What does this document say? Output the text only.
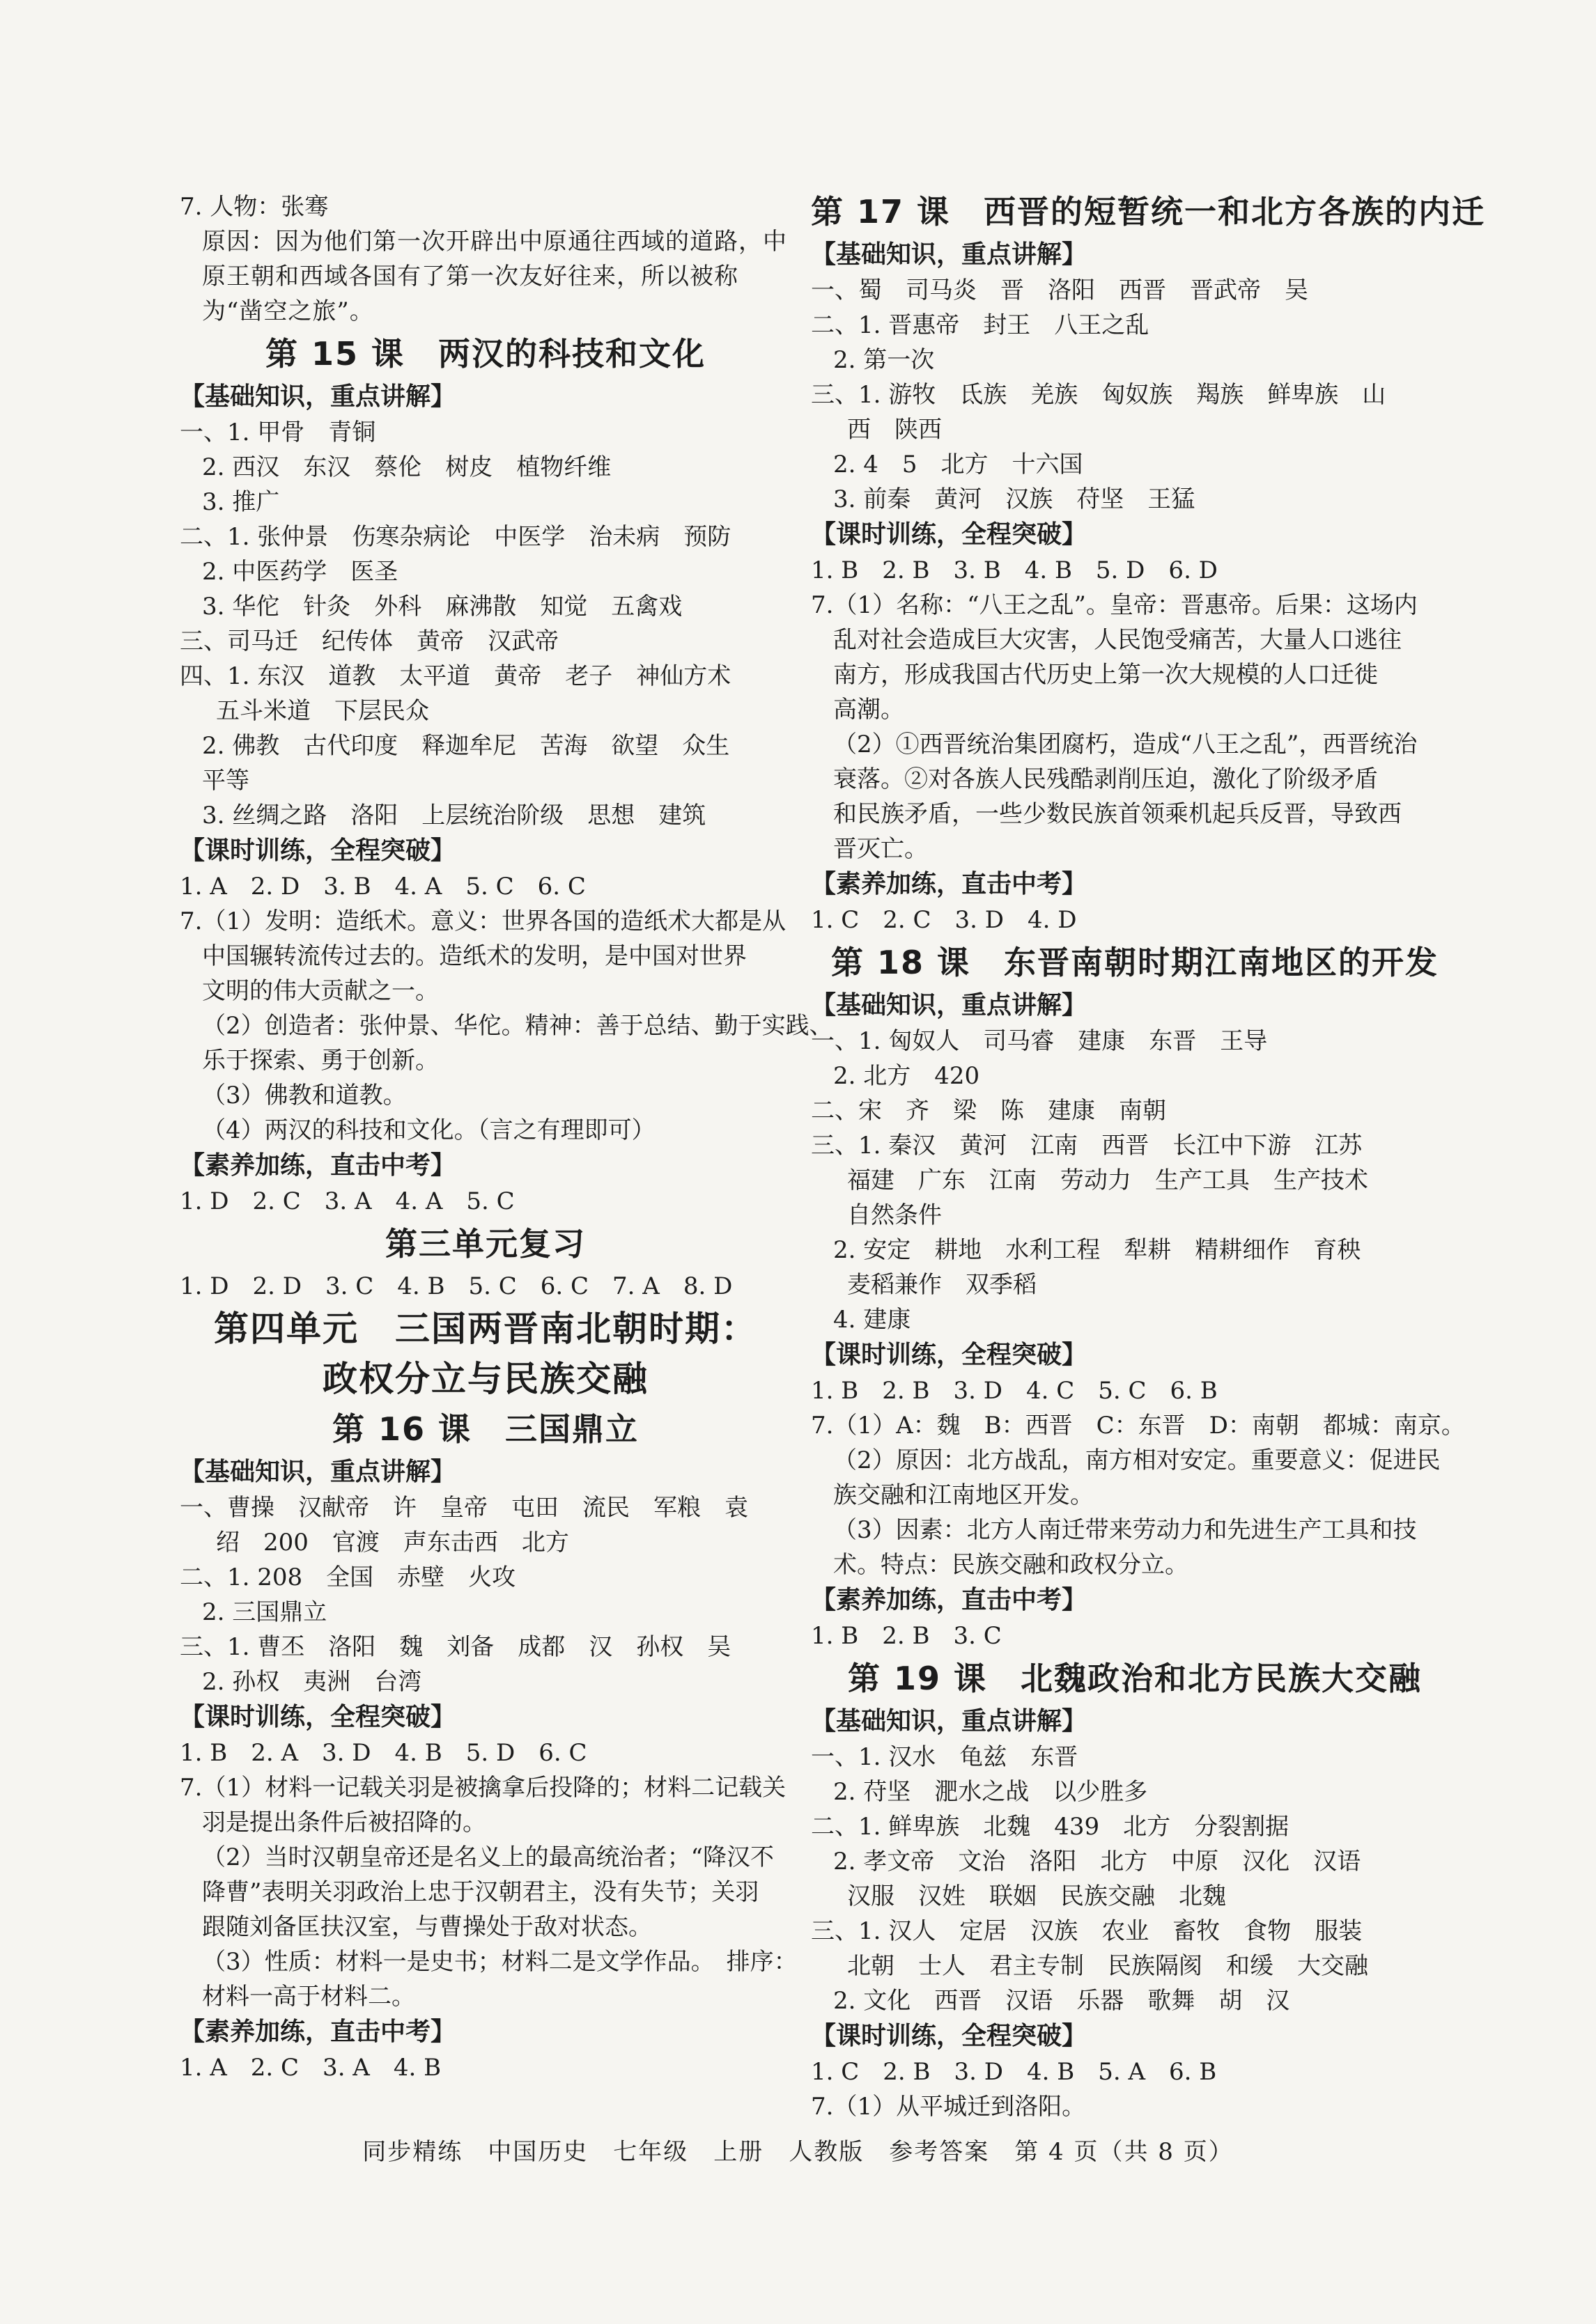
7. 人物：张骞
原因：因为他们第一次开辟出中原通往西域的道路，中原王朝和西域各国有了第一次友好往来，所以被称为“凿空之旅”。
第 15 课　两汉的科技和文化
【基础知识，重点讲解】
一、1. 甲骨　青铜
2. 西汉　东汉　蔡伦　树皮　植物纤维
3. 推广
二、1. 张仲景　伤寒杂病论　中医学　治未病　预防
2. 中医药学　医圣
3. 华佗　针灸　外科　麻沸散　知觉　五禽戏
三、司马迁　纪传体　黄帝　汉武帝
四、1. 东汉　道教　太平道　黄帝　老子　神仙方术
五斗米道　下层民众
2. 佛教　古代印度　释迦牟尼　苦海　欲望　众生
平等
3. 丝绸之路　洛阳　上层统治阶级　思想　建筑
【课时训练，全程突破】
1. A　2. D　3. B　4. A　5. C　6. C
7.（1）发明：造纸术。意义：世界各国的造纸术大都是从
中国辗转流传过去的。造纸术的发明，是中国对世界
文明的伟大贡献之一。
（2）创造者：张仲景、华佗。精神：善于总结、勤于实践、
乐于探索、勇于创新。
（3）佛教和道教。
（4）两汉的科技和文化。（言之有理即可）
【素养加练，直击中考】
1. D　2. C　3. A　4. A　5. C
第三单元复习
1. D　2. D　3. C　4. B　5. C　6. C　7. A　8. D
第四单元　三国两晋南北朝时期：
政权分立与民族交融
第 16 课　三国鼎立
【基础知识，重点讲解】
一、曹操　汉献帝　许　皇帝　屯田　流民　军粮　袁
绍　200　官渡　声东击西　北方
二、1. 208　全国　赤壁　火攻
2. 三国鼎立
三、1. 曹丕　洛阳　魏　刘备　成都　汉　孙权　吴
2. 孙权　夷洲　台湾
【课时训练，全程突破】
1. B　2. A　3. D　4. B　5. D　6. C
7.（1）材料一记载关羽是被擒拿后投降的；材料二记载关
羽是提出条件后被招降的。
（2）当时汉朝皇帝还是名义上的最高统治者；“降汉不
降曹”表明关羽政治上忠于汉朝君主，没有失节；关羽
跟随刘备匡扶汉室，与曹操处于敌对状态。
（3）性质：材料一是史书；材料二是文学作品。　排序：
材料一高于材料二。
【素养加练，直击中考】
1. A　2. C　3. A　4. B
第 17 课　西晋的短暂统一和北方各族的内迁
【基础知识，重点讲解】
一、蜀　司马炎　晋　洛阳　西晋　晋武帝　吴
二、1. 晋惠帝　封王　八王之乱
2. 第一次
三、1. 游牧　氐族　羌族　匈奴族　羯族　鲜卑族　山
西　陕西
2. 4　5　北方　十六国
3. 前秦　黄河　汉族　苻坚　王猛
【课时训练，全程突破】
1. B　2. B　3. B　4. B　5. D　6. D
7.（1）名称：“八王之乱”。皇帝：晋惠帝。后果：这场内
乱对社会造成巨大灾害，人民饱受痛苦，大量人口逃往
南方，形成我国古代历史上第一次大规模的人口迁徙
高潮。
（2）①西晋统治集团腐朽，造成“八王之乱”，西晋统治
衰落。②对各族人民残酷剥削压迫，激化了阶级矛盾
和民族矛盾，一些少数民族首领乘机起兵反晋，导致西
晋灭亡。
【素养加练，直击中考】
1. C　2. C　3. D　4. D
第 18 课　东晋南朝时期江南地区的开发
【基础知识，重点讲解】
一、1. 匈奴人　司马睿　建康　东晋　王导
2. 北方　420
二、宋　齐　梁　陈　建康　南朝
三、1. 秦汉　黄河　江南　西晋　长江中下游　江苏
福建　广东　江南　劳动力　生产工具　生产技术
自然条件
2. 安定　耕地　水利工程　犁耕　精耕细作　育秧
麦稻兼作　双季稻
4. 建康
【课时训练，全程突破】
1. B　2. B　3. D　4. C　5. C　6. B
7.（1）A：魏　B：西晋　C：东晋　D：南朝　都城：南京。
（2）原因：北方战乱，南方相对安定。重要意义：促进民
族交融和江南地区开发。
（3）因素：北方人南迁带来劳动力和先进生产工具和技
术。特点：民族交融和政权分立。
【素养加练，直击中考】
1. B　2. B　3. C
第 19 课　北魏政治和北方民族大交融
【基础知识，重点讲解】
一、1. 汉水　龟兹　东晋
2. 苻坚　淝水之战　以少胜多
二、1. 鲜卑族　北魏　439　北方　分裂割据
2. 孝文帝　文治　洛阳　北方　中原　汉化　汉语
汉服　汉姓　联姻　民族交融　北魏
三、1. 汉人　定居　汉族　农业　畜牧　食物　服装
北朝　士人　君主专制　民族隔阂　和缓　大交融
2. 文化　西晋　汉语　乐器　歌舞　胡　汉
【课时训练，全程突破】
1. C　2. B　3. D　4. B　5. A　6. B
7.（1）从平城迁到洛阳。
同步精练　中国历史　七年级　上册　人教版　参考答案　第 4 页（共 8 页）
